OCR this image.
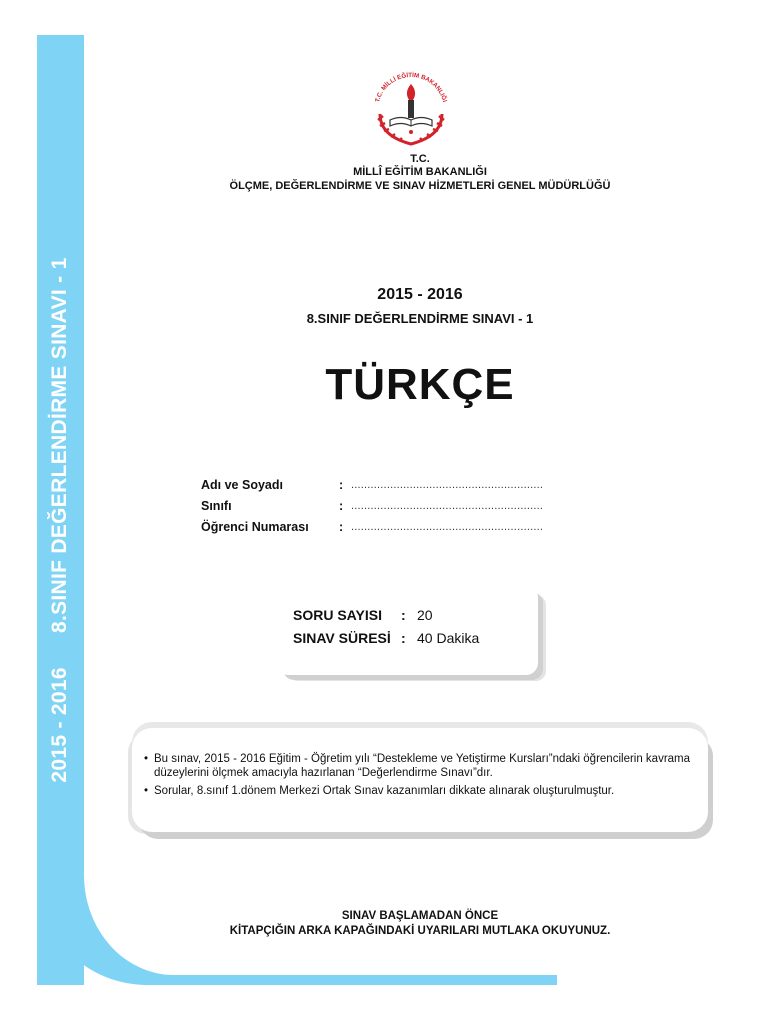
2015 - 2016 8.SINIF DEĞERLENDİRME SINAVI - 1
T.C. MİLLİ EĞİTİM BAKANLIĞI
T.C.
MİLLÎ EĞİTİM BAKANLIĞI
ÖLÇME, DEĞERLENDİRME VE SINAV HİZMETLERİ GENEL MÜDÜRLÜĞÜ
2015 - 2016
8.SINIF DEĞERLENDİRME SINAVI - 1
TÜRKÇE
Adı ve Soyadı	: ...........................................................
Sınıfı	: ...........................................................
Öğrenci Numarası	: ...........................................................
SORU SAYISI	: 20
SINAV SÜRESİ : 40 Dakika
• Bu sınav, 2015 - 2016 Eğitim - Öğretim yılı “Destekleme ve Yetiştirme Kursları”ndaki öğrencilerin kavrama düzeylerini ölçmek amacıyla hazırlanan “Değerlendirme Sınavı”dır.
• Sorular, 8.sınıf 1.dönem Merkezi Ortak Sınav kazanımları dikkate alınarak oluşturulmuştur.
SINAV BAŞLAMADAN ÖNCE
KİTAPÇIĞIN ARKA KAPAĞINDAKİ UYARILARI MUTLAKA OKUYUNUZ.
